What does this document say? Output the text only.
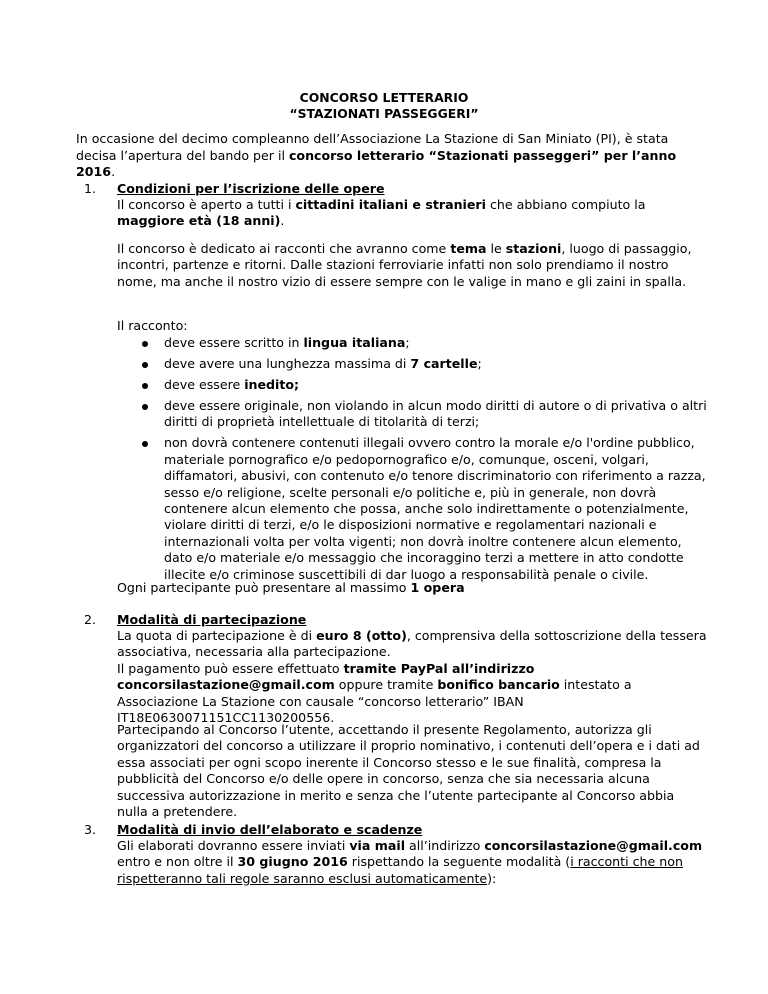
CONCORSO LETTERARIO
“STAZIONATI PASSEGGERI”
In occasione del decimo compleanno dell’Associazione La Stazione di San Miniato (PI), è stata decisa l’apertura del bando per il concorso letterario “Stazionati passeggeri” per l’anno 2016.
1. Condizioni per l’iscrizione delle opere
Il concorso è aperto a tutti i cittadini italiani e stranieri che abbiano compiuto la maggiore età (18 anni).
Il concorso è dedicato ai racconti che avranno come tema le stazioni, luogo di passaggio, incontri, partenze e ritorni. Dalle stazioni ferroviarie infatti non solo prendiamo il nostro nome, ma anche il nostro vizio di essere sempre con le valige in mano e gli zaini in spalla.
Il racconto:
deve essere scritto in lingua italiana;
deve avere una lunghezza massima di 7 cartelle;
deve essere inedito;
deve essere originale, non violando in alcun modo diritti di autore o di privativa o altri diritti di proprietà intellettuale di titolarità di terzi;
non dovrà contenere contenuti illegali ovvero contro la morale e/o l'ordine pubblico, materiale pornografico e/o pedopornografico e/o, comunque, osceni, volgari, diffamatori, abusivi, con contenuto e/o tenore discriminatorio con riferimento a razza, sesso e/o religione, scelte personali e/o politiche e, più in generale, non dovrà contenere alcun elemento che possa, anche solo indirettamente o potenzialmente, violare diritti di terzi, e/o le disposizioni normative e regolamentari nazionali e internazionali volta per volta vigenti; non dovrà inoltre contenere alcun elemento, dato e/o materiale e/o messaggio che incoraggino terzi a mettere in atto condotte illecite e/o criminose suscettibili di dar luogo a responsabilità penale o civile.
Ogni partecipante può presentare al massimo 1 opera
2. Modalità di partecipazione
La quota di partecipazione è di euro 8 (otto), comprensiva della sottoscrizione della tessera associativa, necessaria alla partecipazione.
Il pagamento può essere effettuato tramite PayPal all’indirizzo concorsilastazione@gmail.com oppure tramite bonifico bancario intestato a Associazione La Stazione con causale “concorso letterario” IBAN IT18E0630071151CC1130200556.
Partecipando al Concorso l’utente, accettando il presente Regolamento, autorizza gli organizzatori del concorso a utilizzare il proprio nominativo, i contenuti dell’opera e i dati ad essa associati per ogni scopo inerente il Concorso stesso e le sue finalità, compresa la pubblicità del Concorso e/o delle opere in concorso, senza che sia necessaria alcuna successiva autorizzazione in merito e senza che l’utente partecipante al Concorso abbia nulla a pretendere.
3. Modalità di invio dell’elaborato e scadenze
Gli elaborati dovranno essere inviati via mail all’indirizzo concorsilastazione@gmail.com entro e non oltre il 30 giugno 2016 rispettando la seguente modalità (i racconti che non rispetteranno tali regole saranno esclusi automaticamente):
